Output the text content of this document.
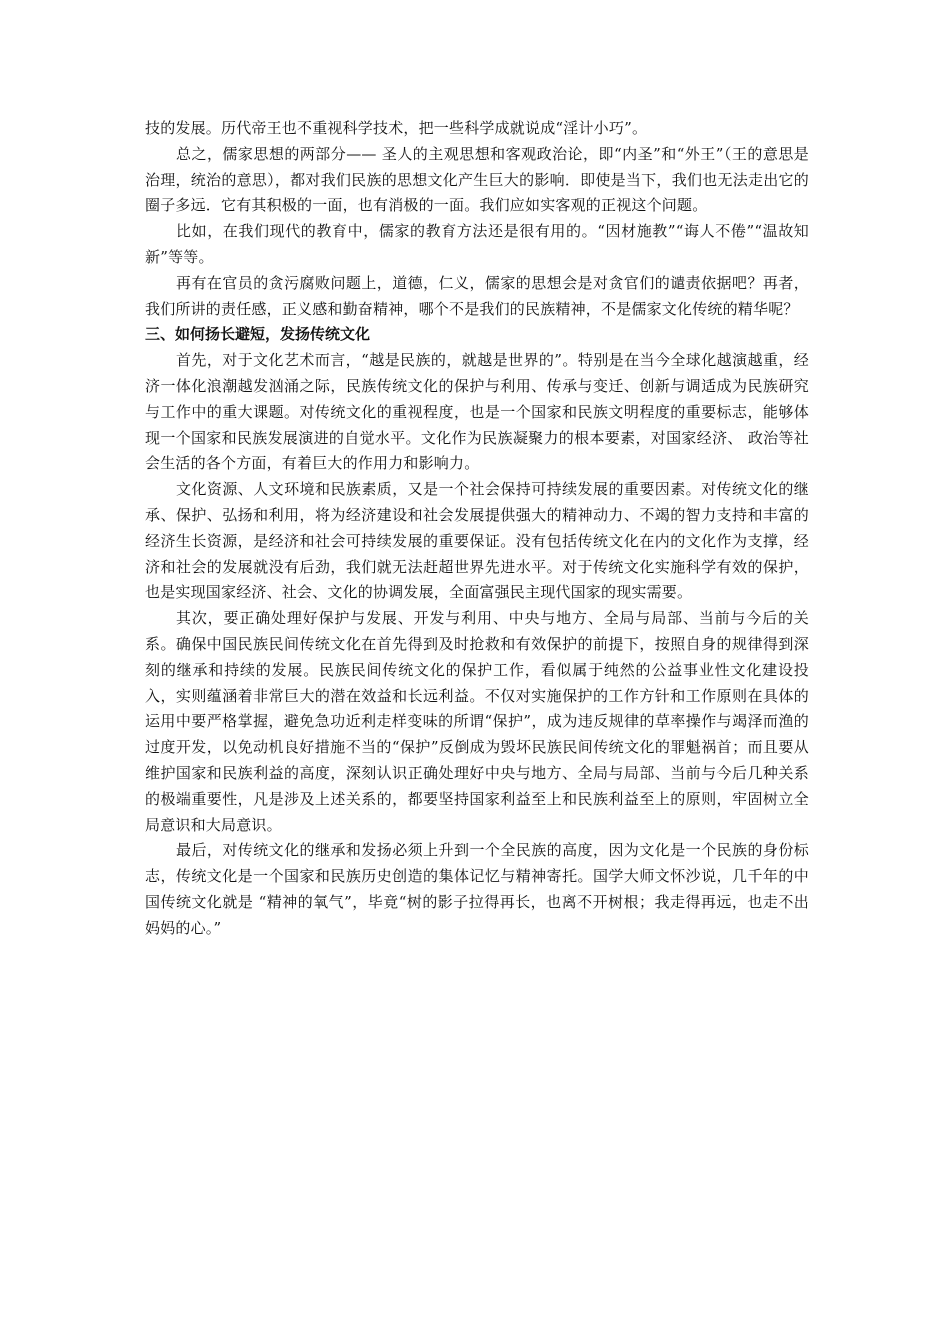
技的发展。历代帝王也不重视科学技术，把一些科学成就说成“淫计小巧”。

总之，儒家思想的两部分—— 圣人的主观思想和客观政治论，即“内圣”和“外王”（王的意思是治理，统治的意思），都对我们民族的思想文化产生巨大的影响．即使是当下，我们也无法走出它的圈子多远．它有其积极的一面，也有消极的一面。我们应如实客观的正视这个问题。

比如，在我们现代的教育中，儒家的教育方法还是很有用的。“因材施教”“诲人不倦”“温故知新”等等。

再有在官员的贪污腐败问题上，道德，仁义，儒家的思想会是对贪官们的谴责依据吧？再者，我们所讲的责任感，正义感和勤奋精神，哪个不是我们的民族精神，不是儒家文化传统的精华呢？

三、如何扬长避短，发扬传统文化

首先，对于文化艺术而言，“越是民族的，就越是世界的”。特别是在当今全球化越演越重，经济一体化浪潮越发汹涌之际，民族传统文化的保护与利用、传承与变迁、创新与调适成为民族研究与工作中的重大课题。对传统文化的重视程度，也是一个国家和民族文明程度的重要标志，能够体现一个国家和民族发展演进的自觉水平。文化作为民族凝聚力的根本要素，对国家经济、 政治等社会生活的各个方面，有着巨大的作用力和影响力。

文化资源、人文环境和民族素质，又是一个社会保持可持续发展的重要因素。对传统文化的继承、保护、弘扬和利用，将为经济建设和社会发展提供强大的精神动力、不竭的智力支持和丰富的经济生长资源，是经济和社会可持续发展的重要保证。没有包括传统文化在内的文化作为支撑，经济和社会的发展就没有后劲，我们就无法赶超世界先进水平。对于传统文化实施科学有效的保护，也是实现国家经济、社会、文化的协调发展，全面富强民主现代国家的现实需要。

其次，要正确处理好保护与发展、开发与利用、中央与地方、全局与局部、当前与今后的关系。确保中国民族民间传统文化在首先得到及时抢救和有效保护的前提下，按照自身的规律得到深刻的继承和持续的发展。民族民间传统文化的保护工作，看似属于纯然的公益事业性文化建设投入，实则蕴涵着非常巨大的潜在效益和长远利益。不仅对实施保护的工作方针和工作原则在具体的运用中要严格掌握，避免急功近利走样变味的所谓“保护”，成为违反规律的草率操作与竭泽而渔的过度开发，以免动机良好措施不当的“保护”反倒成为毁坏民族民间传统文化的罪魁祸首；而且要从维护国家和民族利益的高度，深刻认识正确处理好中央与地方、全局与局部、当前与今后几种关系的极端重要性，凡是涉及上述关系的，都要坚持国家利益至上和民族利益至上的原则，牢固树立全局意识和大局意识。

最后，对传统文化的继承和发扬必须上升到一个全民族的高度，因为文化是一个民族的身份标志，传统文化是一个国家和民族历史创造的集体记忆与精神寄托。国学大师文怀沙说，几千年的中国传统文化就是 “精神的氧气”，毕竟“树的影子拉得再长，也离不开树根；我走得再远，也走不出妈妈的心。”
